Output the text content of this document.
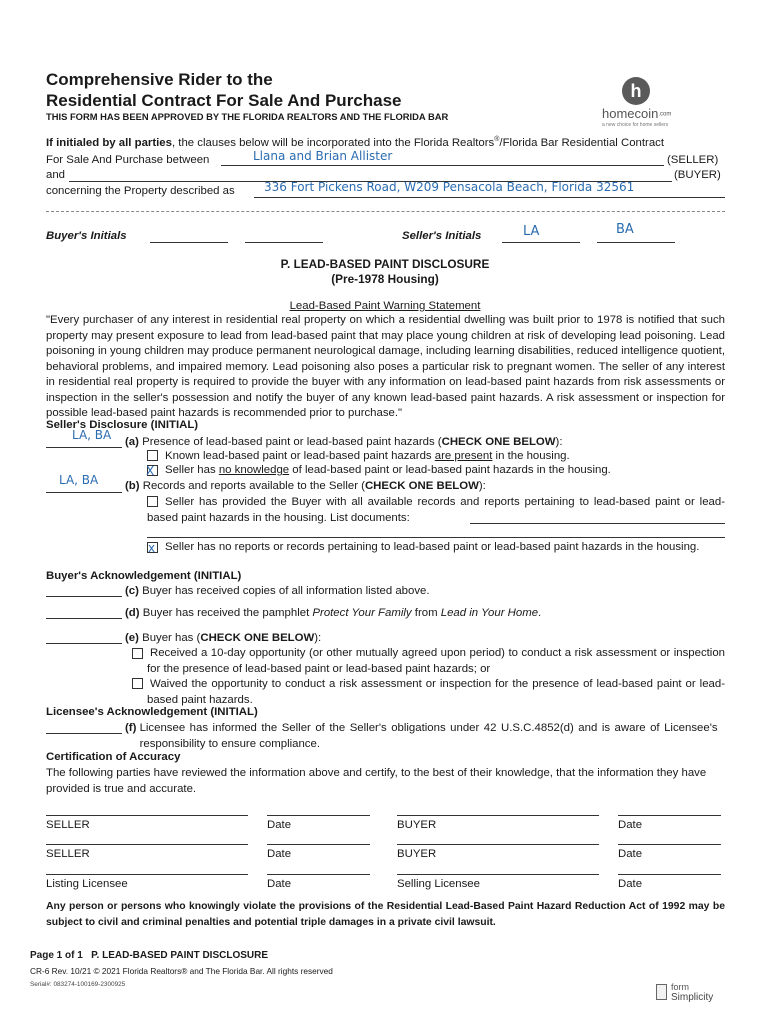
Comprehensive Rider to the
Residential Contract For Sale And Purchase
THIS FORM HAS BEEN APPROVED BY THE FLORIDA REALTORS AND THE FLORIDA BAR
h
homecoin.com
a new choice for home sellers

If initialed by all parties, the clauses below will be incorporated into the Florida Realtors®/Florida Bar Residential Contract

For Sale And Purchase between	Llana and Brian Allister	(SELLER)

and	(BUYER)

concerning the Property described as 336 Fort Pickens Road, W209 Pensacola Beach, Florida 32561

Buyer's Initials	Seller's Initials	LA	BA
P. LEAD-BASED PAINT DISCLOSURE
(Pre-1978 Housing)
Lead-Based Paint Warning Statement
"Every purchaser of any interest in residential real property on which a residential dwelling was built prior to 1978 is notified that such property may present exposure to lead from lead-based paint that may place young children at risk of developing lead poisoning. Lead poisoning in young children may produce permanent neurological damage, including learning disabilities, reduced intelligence quotient, behavioral problems, and impaired memory. Lead poisoning also poses a particular risk to pregnant women. The seller of any interest in residential real property is required to provide the buyer with any information on lead-based paint hazards from risk assessments or inspection in the seller's possession and notify the buyer of any known lead-based paint hazards. A risk assessment or inspection for possible lead-based paint hazards is recommended prior to purchase."

Seller's Disclosure (INITIAL)

LA, BA (a) Presence of lead-based paint or lead-based paint hazards (CHECK ONE BELOW):

Known lead-based paint or lead-based paint hazards are present in the housing.

X Seller has no knowledge of lead-based paint or lead-based paint hazards in the housing.

LA, BA (b) Records and reports available to the Seller (CHECK ONE BELOW):

Seller has provided the Buyer with all available records and reports pertaining to lead-based paint or lead-based paint hazards in the housing. List documents:
x Seller has no reports or records pertaining to lead-based paint or lead-based paint hazards in the housing.

Buyer's Acknowledgement (INITIAL)

(c) Buyer has received copies of all information listed above.

(d) Buyer has received the pamphlet Protect Your Family from Lead in Your Home.

(e) Buyer has (CHECK ONE BELOW):

Received a 10-day opportunity (or other mutually agreed upon period) to conduct a risk assessment or inspection for the presence of lead-based paint or lead-based paint hazards; or
Waived the opportunity to conduct a risk assessment or inspection for the presence of lead-based paint or lead-based paint hazards.

Licensee's Acknowledgement (INITIAL)

(f) Licensee has informed the Seller of the Seller's obligations under 42 U.S.C.4852(d) and is aware of Licensee's responsibility to ensure compliance.

Certification of Accuracy

The following parties have reviewed the information above and certify, to the best of their knowledge, that the information they have provided is true and accurate.

SELLER	Date	BUYER	Date

SELLER	Date	BUYER	Date

Listing Licensee	Date	Selling Licensee	Date

Any person or persons who knowingly violate the provisions of the Residential Lead-Based Paint Hazard Reduction Act of 1992 may be subject to civil and criminal penalties and potential triple damages in a private civil lawsuit.

Page 1 of 1 P. LEAD-BASED PAINT DISCLOSURE

CR-6 Rev. 10/21 © 2021 Florida Realtors® and The Florida Bar. All rights reserved

Serial#: 083274-100169-2300925	form
Simplicity
